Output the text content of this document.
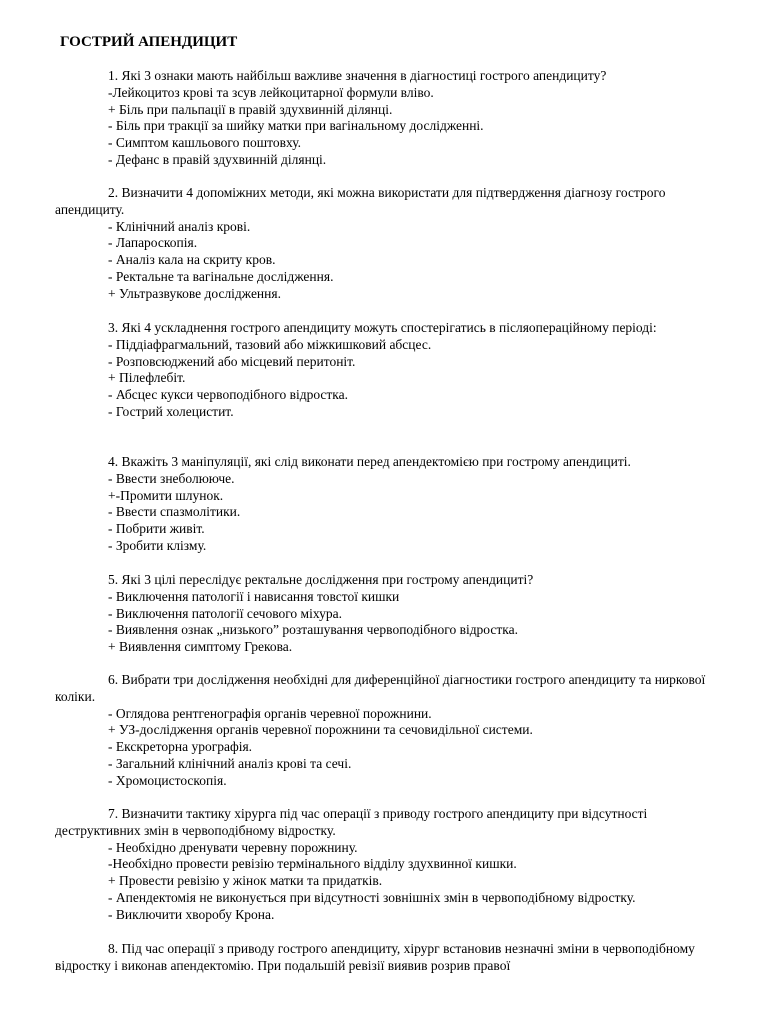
ГОСТРИЙ АПЕНДИЦИТ

1. Які 3 ознаки мають найбільш важливе значення в діагностиці гострого апендициту?

-Лейкоцитоз крові та зсув лейкоцитарної формули вліво.
+ Біль при пальпації в правій здухвинній ділянці.
- Біль при тракції за шийку матки при вагінальному дослідженні.
- Симптом кашльового поштовху.
- Дефанс в правій здухвинній ділянці.

2. Визначити 4 допоміжних методи, які можна використати для підтвердження діагнозу гострого апендициту.

- Клінічний аналіз крові.
- Лапароскопія.
- Аналіз кала на скриту кров.
- Ректальне та вагінальне дослідження.
+ Ультразвукове дослідження.

3. Які 4 ускладнення гострого апендициту можуть спостерігатись в післяопераційному періоді:

- Піддіафрагмальний, тазовий або міжкишковий абсцес.
- Розповсюджений або місцевий перитоніт.
+ Пілефлебіт.
- Абсцес кукси червоподібного відростка.
- Гострий холецистит.

4. Вкажіть 3 маніпуляції, які слід виконати перед апендектомією при гострому апендициті.

- Ввести знеболююче.
+-Промити шлунок.
- Ввести спазмолітики.
- Побрити живіт.
- Зробити клізму.

5. Які 3 цілі переслідує ректальне дослідження при гострому апендициті?

- Виключення патології і нависання товстої кишки
- Виключення патології сечового міхура.
- Виявлення ознак „низького” розташування червоподібного відростка.
+ Виявлення симптому Грекова.

6. Вибрати три дослідження необхідні для диференційної діагностики гострого апендициту та ниркової коліки.

- Оглядова рентгенографія органів черевної порожнини.
+ УЗ-дослідження органів черевної порожнини та сечовидільної системи.
- Екскреторна урографія.
- Загальний клінічний аналіз крові та сечі.
- Хромоцистоскопія.

7. Визначити тактику хірурга під час операції з приводу гострого апендициту при відсутності деструктивних змін в червоподібному відростку.

- Необхідно дренувати черевну порожнину.
-Необхідно провести ревізію термінального відділу здухвинної кишки.
+ Провести ревізію у жінок матки та придатків.
- Апендектомія не виконується при відсутності зовнішніх змін в червоподібному відростку.
- Виключити хворобу Крона.

8. Під час операції з приводу гострого апендициту, хірург встановив незначні зміни в червоподібному відростку і виконав апендектомію. При подальшій ревізії виявив розрив правої
